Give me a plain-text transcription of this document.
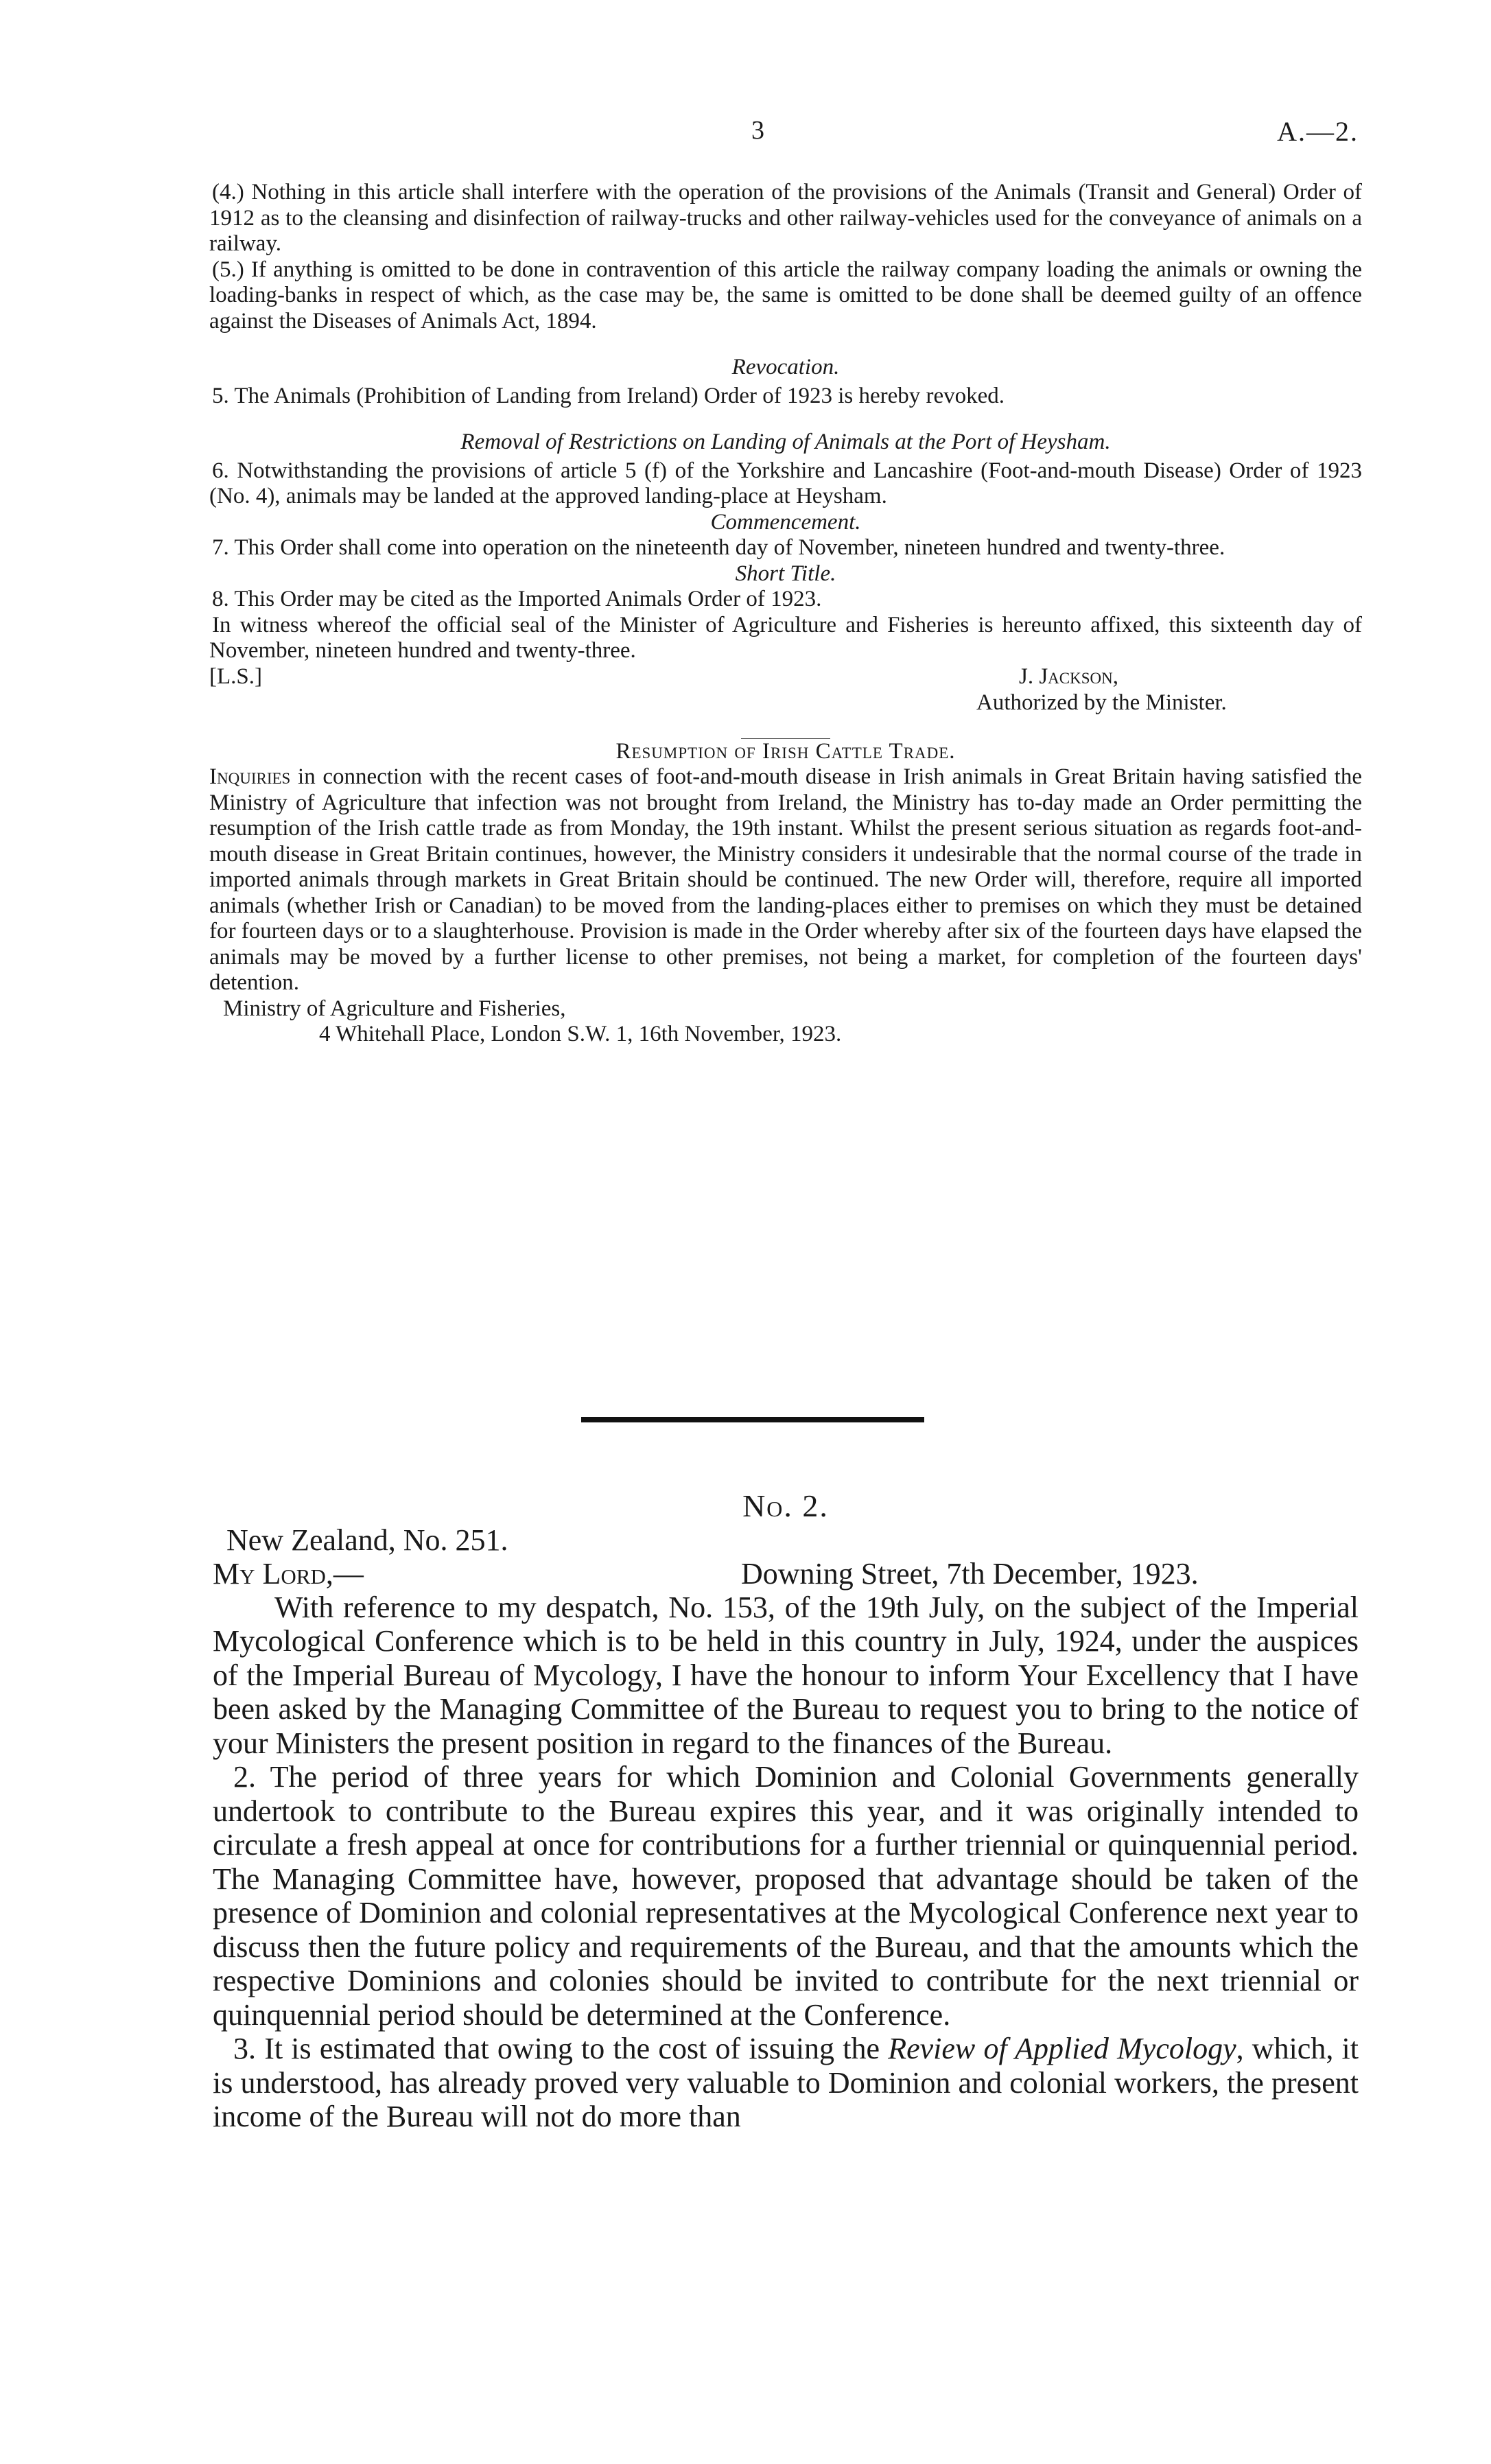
3	A.—2.

(4.) Nothing in this article shall interfere with the operation of the provisions of the Animals (Transit and General) Order of 1912 as to the cleansing and disinfection of railway-trucks and other railway-vehicles used for the conveyance of animals on a railway.

(5.) If anything is omitted to be done in contravention of this article the railway company loading the animals or owning the loading-banks in respect of which, as the case may be, the same is omitted to be done shall be deemed guilty of an offence against the Diseases of Animals Act, 1894.

Revocation.

5. The Animals (Prohibition of Landing from Ireland) Order of 1923 is hereby revoked.

Removal of Restrictions on Landing of Animals at the Port of Heysham.

6. Notwithstanding the provisions of article 5 (f) of the Yorkshire and Lancashire (Foot-and-mouth Disease) Order of 1923 (No. 4), animals may be landed at the approved landing-place at Heysham.

Commencement.

7. This Order shall come into operation on the nineteenth day of November, nineteen hundred and twenty-three.

Short Title.

8. This Order may be cited as the Imported Animals Order of 1923.

In witness whereof the official seal of the Minister of Agriculture and Fisheries is hereunto affixed, this sixteenth day of November, nineteen hundred and twenty-three.

[L.S.]	J. Jackson,
Authorized by the Minister.

Resumption of Irish Cattle Trade.

Inquiries in connection with the recent cases of foot-and-mouth disease in Irish animals in Great Britain having satisfied the Ministry of Agriculture that infection was not brought from Ireland, the Ministry has to-day made an Order permitting the resumption of the Irish cattle trade as from Monday, the 19th instant. Whilst the present serious situation as regards foot-and-mouth disease in Great Britain continues, however, the Ministry considers it undesirable that the normal course of the trade in imported animals through markets in Great Britain should be continued. The new Order will, therefore, require all imported animals (whether Irish or Canadian) to be moved from the landing-places either to premises on which they must be detained for fourteen days or to a slaughterhouse. Provision is made in the Order whereby after six of the fourteen days have elapsed the animals may be moved by a further license to other premises, not being a market, for completion of the fourteen days' detention.

Ministry of Agriculture and Fisheries,

4 Whitehall Place, London S.W. 1, 16th November, 1923.

No. 2.

New Zealand, No. 251.
My Lord,—	Downing Street, 7th December, 1923.

With reference to my despatch, No. 153, of the 19th July, on the subject of the Imperial Mycological Conference which is to be held in this country in July, 1924, under the auspices of the Imperial Bureau of Mycology, I have the honour to inform Your Excellency that I have been asked by the Managing Committee of the Bureau to request you to bring to the notice of your Ministers the present position in regard to the finances of the Bureau.

2. The period of three years for which Dominion and Colonial Governments generally undertook to contribute to the Bureau expires this year, and it was originally intended to circulate a fresh appeal at once for contributions for a further triennial or quinquennial period. The Managing Committee have, however, proposed that advantage should be taken of the presence of Dominion and colonial representatives at the Mycological Conference next year to discuss then the future policy and requirements of the Bureau, and that the amounts which the respective Dominions and colonies should be invited to contribute for the next triennial or quinquennial period should be determined at the Conference.

3. It is estimated that owing to the cost of issuing the Review of Applied Mycology, which, it is understood, has already proved very valuable to Dominion and colonial workers, the present income of the Bureau will not do more than
